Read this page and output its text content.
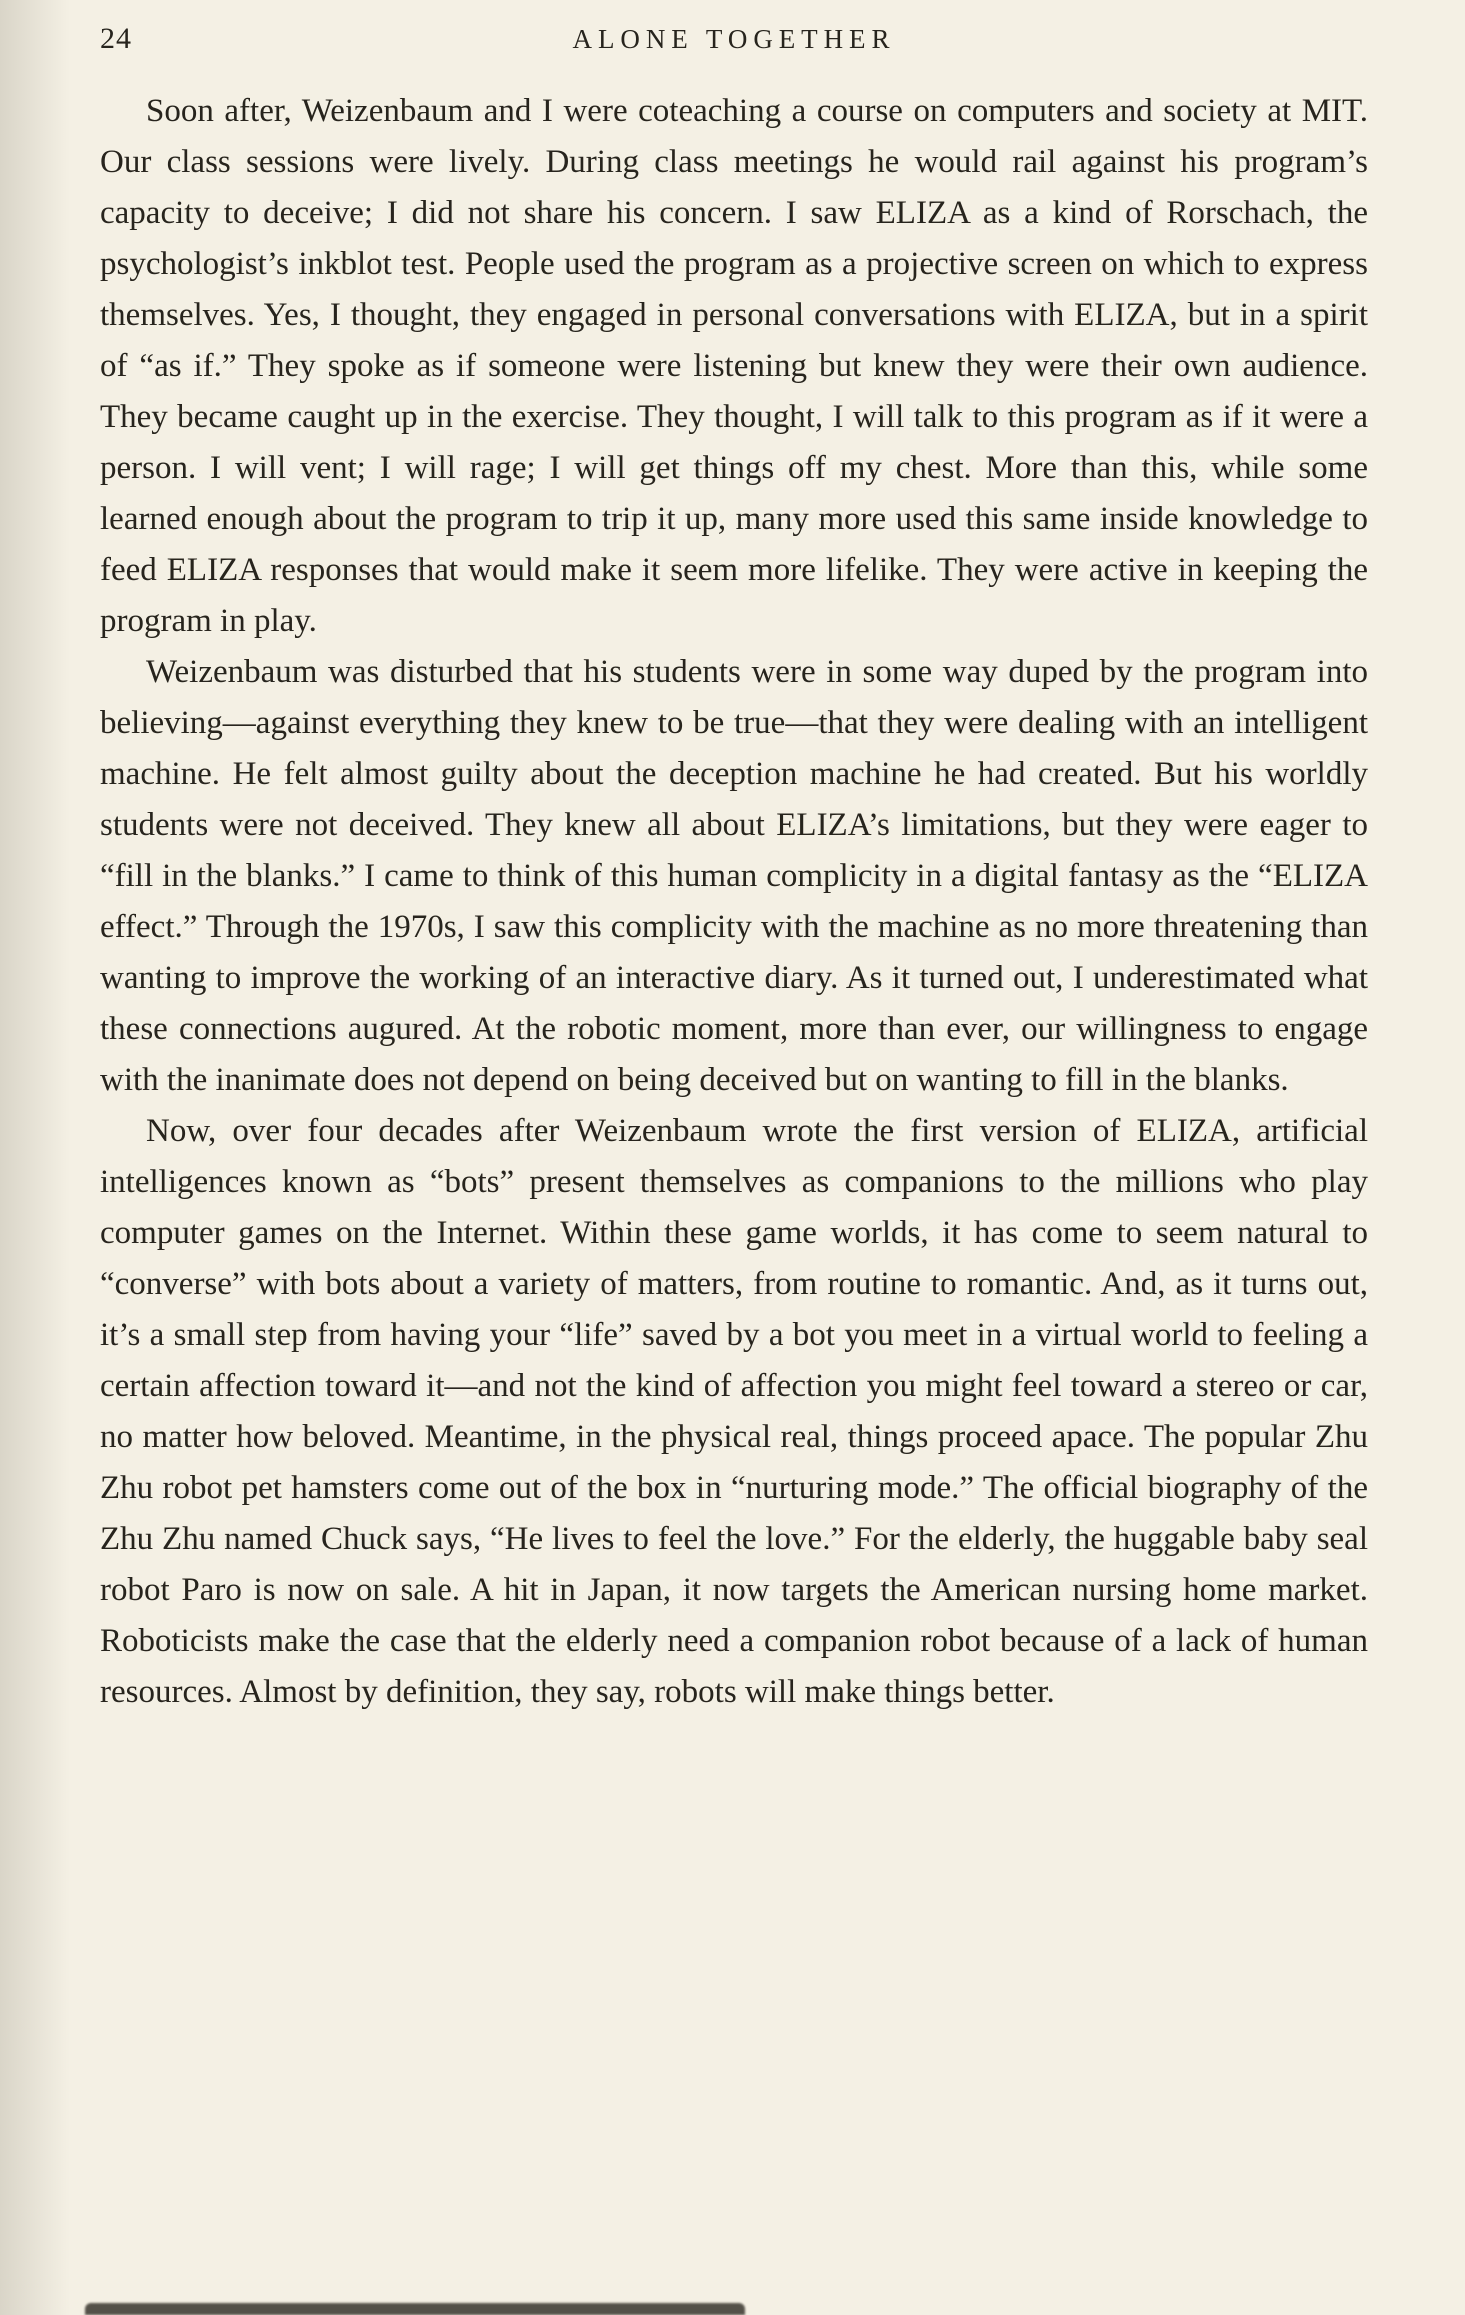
24	ALONE TOGETHER

Soon after, Weizenbaum and I were coteaching a course on computers and society at MIT. Our class sessions were lively. During class meetings he would rail against his program’s capacity to deceive; I did not share his concern. I saw ELIZA as a kind of Rorschach, the psychologist’s inkblot test. People used the program as a projective screen on which to express themselves. Yes, I thought, they engaged in personal conversations with ELIZA, but in a spirit of “as if.” They spoke as if someone were listening but knew they were their own audience. They became caught up in the exercise. They thought, I will talk to this program as if it were a person. I will vent; I will rage; I will get things off my chest. More than this, while some learned enough about the program to trip it up, many more used this same inside knowledge to feed ELIZA responses that would make it seem more lifelike. They were active in keeping the program in play.

Weizenbaum was disturbed that his students were in some way duped by the program into believing—against everything they knew to be true—that they were dealing with an intelligent machine. He felt almost guilty about the deception machine he had created. But his worldly students were not deceived. They knew all about ELIZA’s limitations, but they were eager to “fill in the blanks.” I came to think of this human complicity in a digital fantasy as the “ELIZA effect.” Through the 1970s, I saw this complicity with the machine as no more threatening than wanting to improve the working of an interactive diary. As it turned out, I underestimated what these connections augured. At the robotic moment, more than ever, our willingness to engage with the inanimate does not depend on being deceived but on wanting to fill in the blanks.

Now, over four decades after Weizenbaum wrote the first version of ELIZA, artificial intelligences known as “bots” present themselves as companions to the millions who play computer games on the Internet. Within these game worlds, it has come to seem natural to “converse” with bots about a variety of matters, from routine to romantic. And, as it turns out, it’s a small step from having your “life” saved by a bot you meet in a virtual world to feeling a certain affection toward it—and not the kind of affection you might feel toward a stereo or car, no matter how beloved. Meantime, in the physical real, things proceed apace. The popular Zhu Zhu robot pet hamsters come out of the box in “nurturing mode.” The official biography of the Zhu Zhu named Chuck says, “He lives to feel the love.” For the elderly, the huggable baby seal robot Paro is now on sale. A hit in Japan, it now targets the American nursing home market. Roboticists make the case that the elderly need a companion robot because of a lack of human resources. Almost by definition, they say, robots will make things better.
